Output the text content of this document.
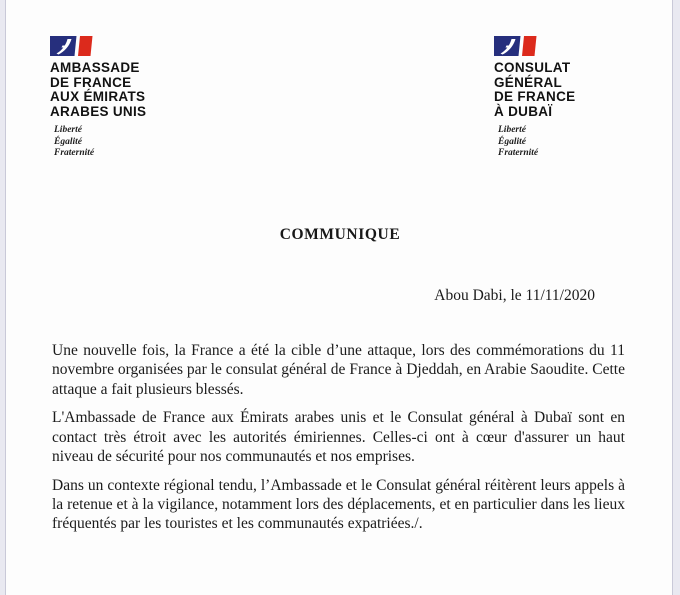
AMBASSADE
DE FRANCE
AUX ÉMIRATS
ARABES UNIS
Liberté
Égalité
Fraternité
CONSULAT
GÉNÉRAL
DE FRANCE
À DUBAÏ
Liberté
Égalité
Fraternité
COMMUNIQUE
Abou Dabi, le 11/11/2020

Une nouvelle fois, la France a été la cible d’une attaque, lors des commémorations du 11 novembre organisées par le consulat général de France à Djeddah, en Arabie Saoudite. Cette attaque a fait plusieurs blessés.

L'Ambassade de France aux Émirats arabes unis et le Consulat général à Dubaï sont en contact très étroit avec les autorités émiriennes. Celles-ci ont à cœur d'assurer un haut niveau de sécurité pour nos communautés et nos emprises.

Dans un contexte régional tendu, l’Ambassade et le Consulat général réitèrent leurs appels à la retenue et à la vigilance, notamment lors des déplacements, et en particulier dans les lieux fréquentés par les touristes et les communautés expatriées./.
